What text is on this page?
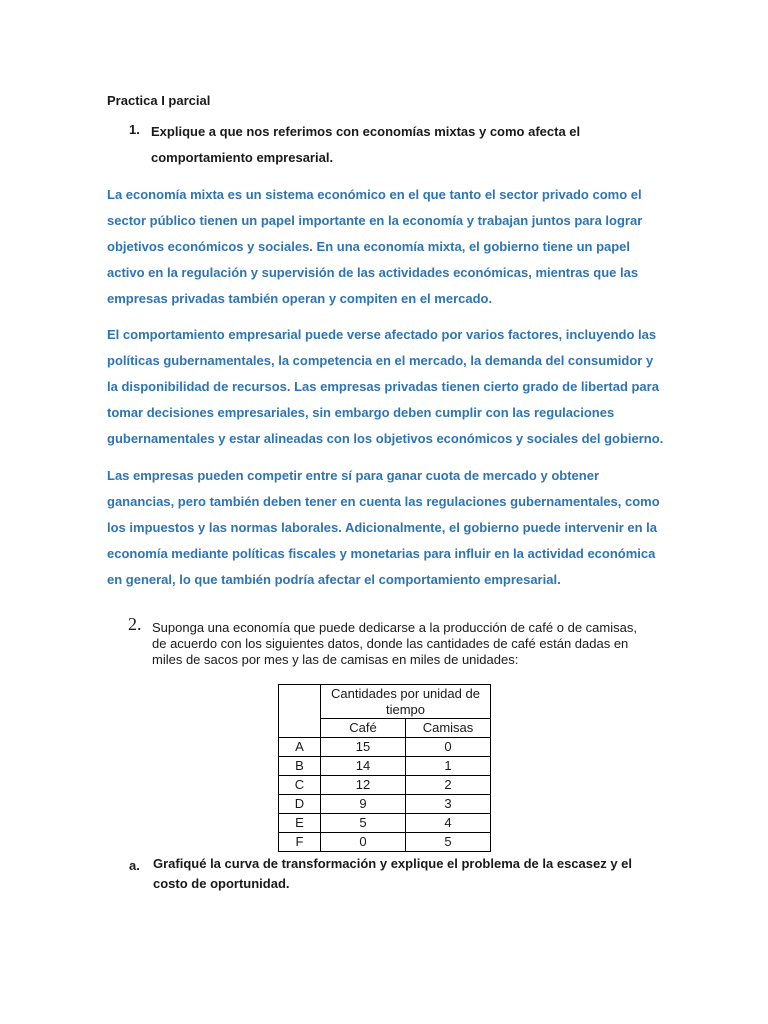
Practica I parcial
1. Explique a que nos referimos con economías mixtas y como afecta el comportamiento empresarial.
La economía mixta es un sistema económico en el que tanto el sector privado como el sector público tienen un papel importante en la economía y trabajan juntos para lograr objetivos económicos y sociales. En una economía mixta, el gobierno tiene un papel activo en la regulación y supervisión de las actividades económicas, mientras que las empresas privadas también operan y compiten en el mercado.
El comportamiento empresarial puede verse afectado por varios factores, incluyendo las políticas gubernamentales, la competencia en el mercado, la demanda del consumidor y la disponibilidad de recursos. Las empresas privadas tienen cierto grado de libertad para tomar decisiones empresariales, sin embargo deben cumplir con las regulaciones gubernamentales y estar alineadas con los objetivos económicos y sociales del gobierno.
Las empresas pueden competir entre sí para ganar cuota de mercado y obtener ganancias, pero también deben tener en cuenta las regulaciones gubernamentales, como los impuestos y las normas laborales. Adicionalmente, el gobierno puede intervenir en la economía mediante políticas fiscales y monetarias para influir en la actividad económica en general, lo que también podría afectar el comportamiento empresarial.
2. Suponga una economía que puede dedicarse a la producción de café o de camisas, de acuerdo con los siguientes datos, donde las cantidades de café están dadas en miles de sacos por mes y las de camisas en miles de unidades:
	Cantidades por unidad de tiempo	
	Café	Camisas
A	15	0
B	14	1
C	12	2
D	9	3
E	5	4
F	0	5
a. Grafiqué la curva de transformación y explique el problema de la escasez y el costo de oportunidad.
